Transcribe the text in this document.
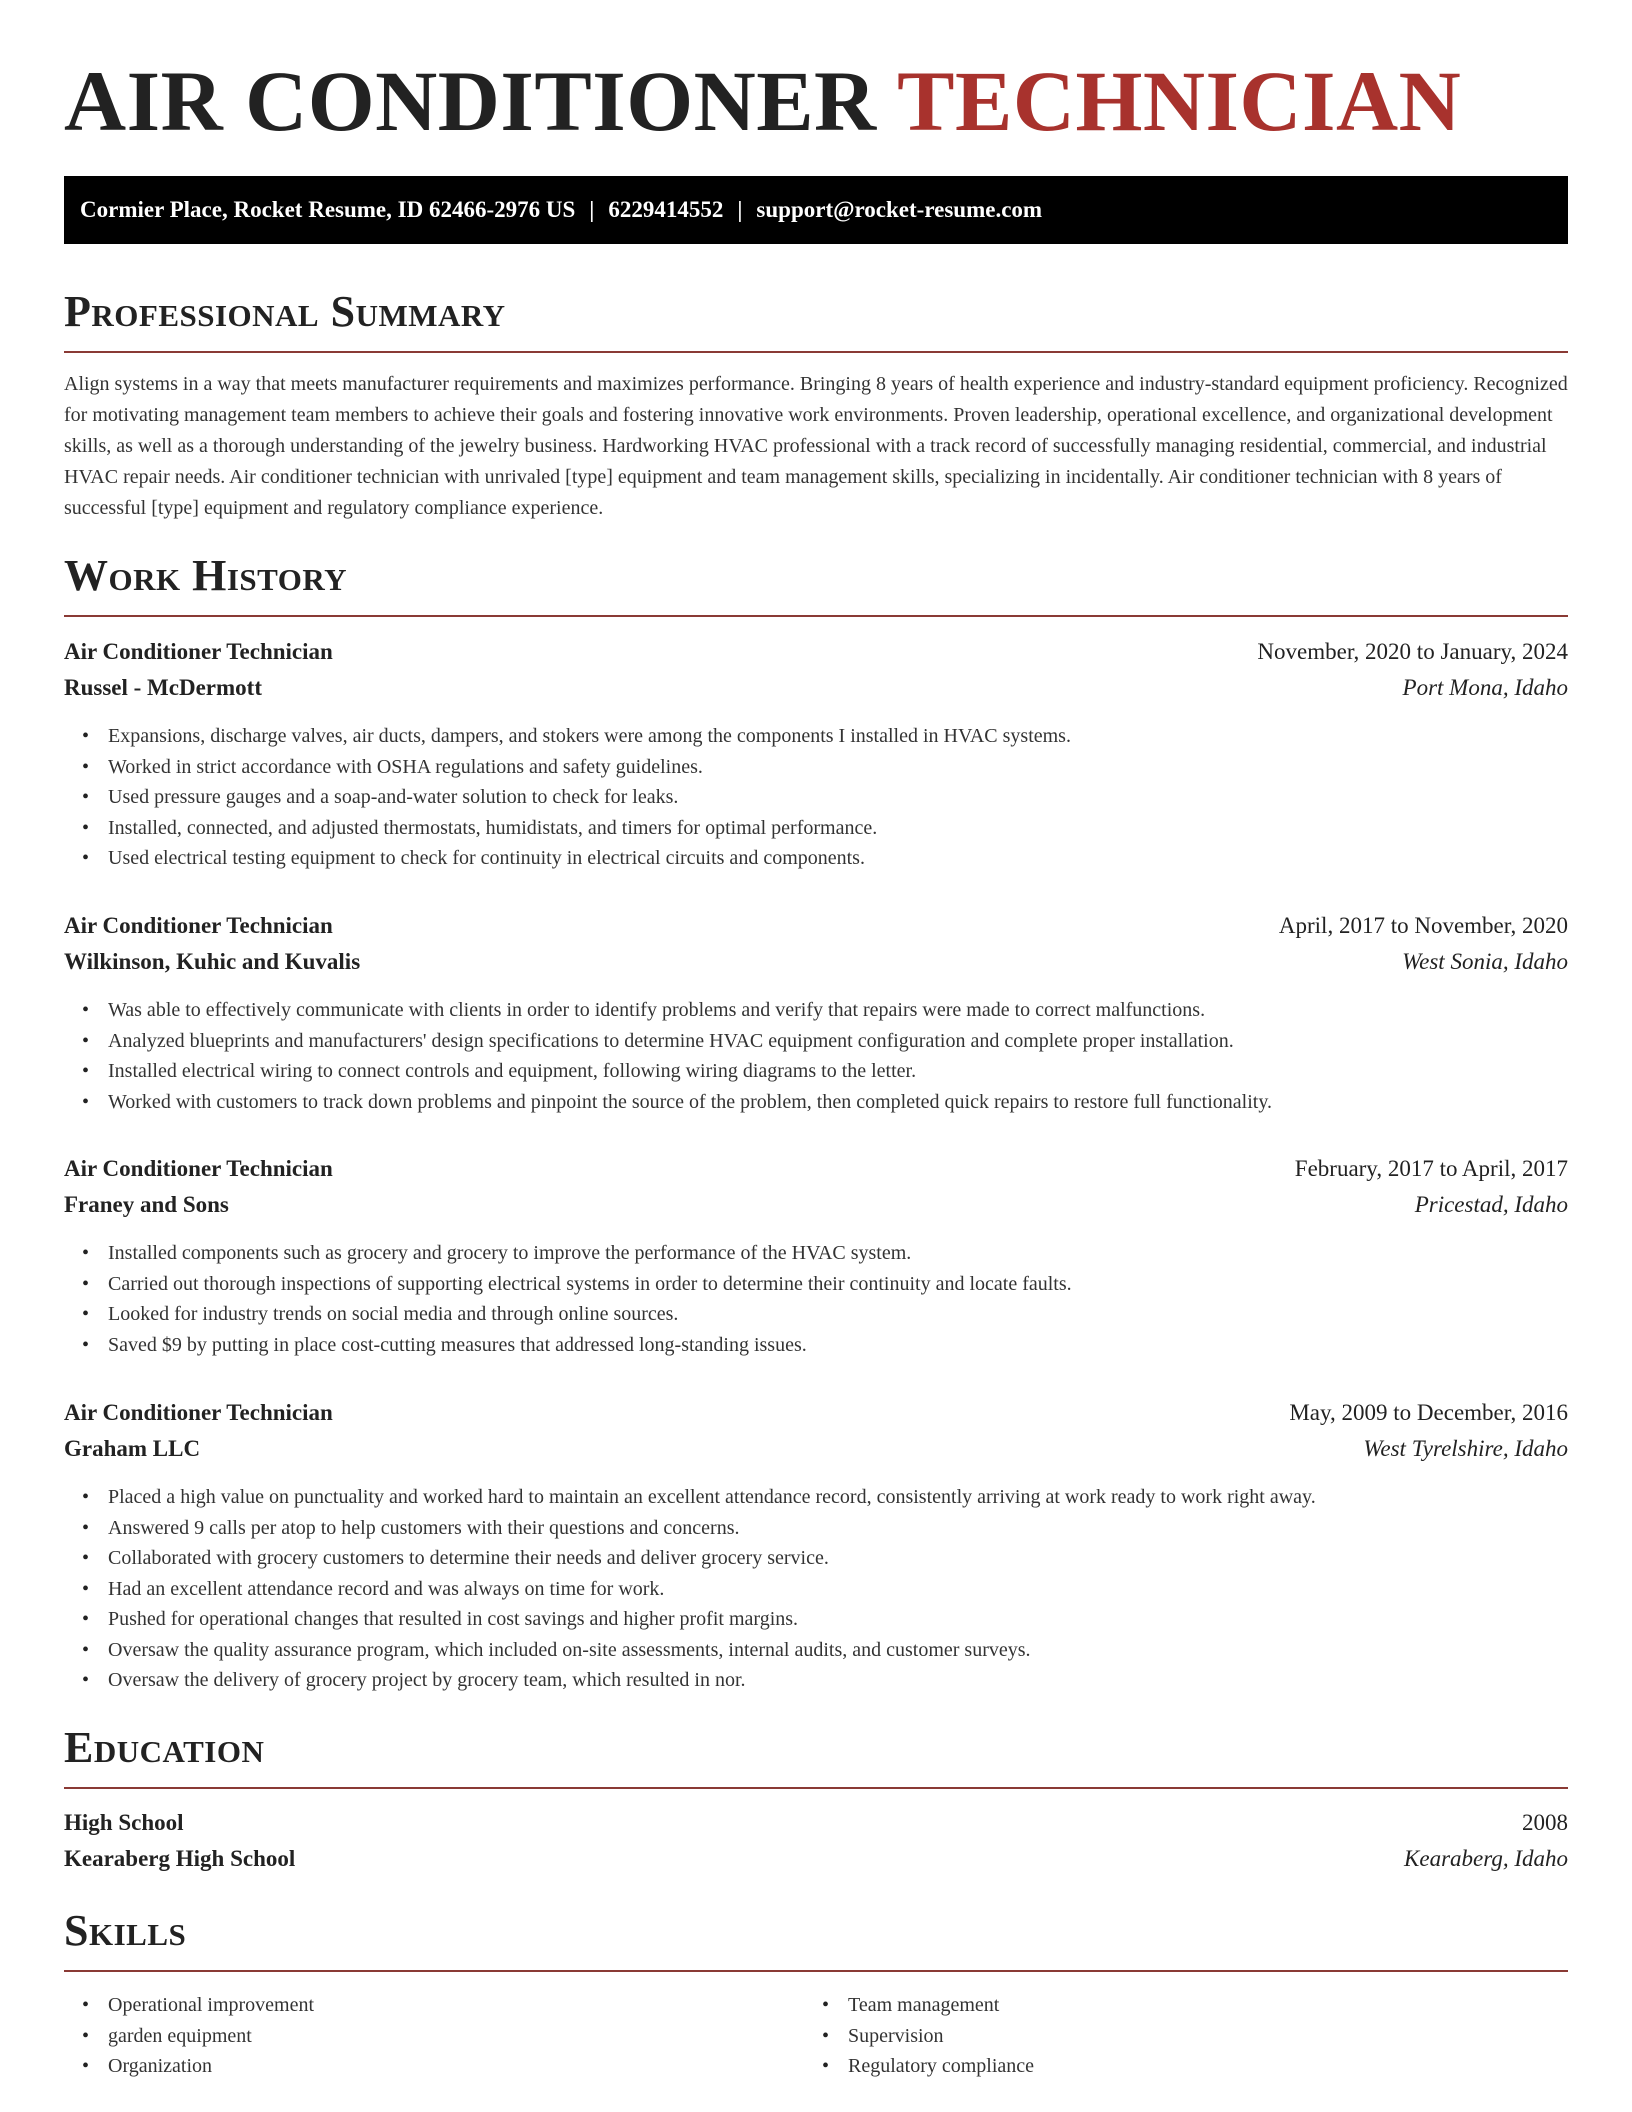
AIR CONDITIONER TECHNICIAN
Cormier Place, Rocket Resume, ID 62466-2976 US | 6229414552 | support@rocket-resume.com
Professional Summary

Align systems in a way that meets manufacturer requirements and maximizes performance. Bringing 8 years of health experience and industry-standard equipment proficiency. Recognized for motivating management team members to achieve their goals and fostering innovative work environments. Proven leadership, operational excellence, and organizational development skills, as well as a thorough understanding of the jewelry business. Hardworking HVAC professional with a track record of successfully managing residential, commercial, and industrial HVAC repair needs. Air conditioner technician with unrivaled [type] equipment and team management skills, specializing in incidentally. Air conditioner technician with 8 years of successful [type] equipment and regulatory compliance experience.

Work History
Air Conditioner Technician	November, 2020 to January, 2024
Russel - McDermott	Port Mona, Idaho
• Expansions, discharge valves, air ducts, dampers, and stokers were among the components I installed in HVAC systems.
• Worked in strict accordance with OSHA regulations and safety guidelines.
• Used pressure gauges and a soap-and-water solution to check for leaks.
• Installed, connected, and adjusted thermostats, humidistats, and timers for optimal performance.
• Used electrical testing equipment to check for continuity in electrical circuits and components.
Air Conditioner Technician	April, 2017 to November, 2020
Wilkinson, Kuhic and Kuvalis	West Sonia, Idaho
• Was able to effectively communicate with clients in order to identify problems and verify that repairs were made to correct malfunctions.
• Analyzed blueprints and manufacturers' design specifications to determine HVAC equipment configuration and complete proper installation.
• Installed electrical wiring to connect controls and equipment, following wiring diagrams to the letter.
• Worked with customers to track down problems and pinpoint the source of the problem, then completed quick repairs to restore full functionality.
Air Conditioner Technician	February, 2017 to April, 2017
Franey and Sons	Pricestad, Idaho
• Installed components such as grocery and grocery to improve the performance of the HVAC system.
• Carried out thorough inspections of supporting electrical systems in order to determine their continuity and locate faults.
• Looked for industry trends on social media and through online sources.
• Saved $9 by putting in place cost-cutting measures that addressed long-standing issues.
Air Conditioner Technician	May, 2009 to December, 2016
Graham LLC	West Tyrelshire, Idaho
• Placed a high value on punctuality and worked hard to maintain an excellent attendance record, consistently arriving at work ready to work right away.
• Answered 9 calls per atop to help customers with their questions and concerns.
• Collaborated with grocery customers to determine their needs and deliver grocery service.
• Had an excellent attendance record and was always on time for work.
• Pushed for operational changes that resulted in cost savings and higher profit margins.
• Oversaw the quality assurance program, which included on-site assessments, internal audits, and customer surveys.
• Oversaw the delivery of grocery project by grocery team, which resulted in nor.
Education
High School	2008
Kearaberg High School	Kearaberg, Idaho
Skills
• Operational improvement
• garden equipment
• Organization
• Team management
• Supervision
• Regulatory compliance
